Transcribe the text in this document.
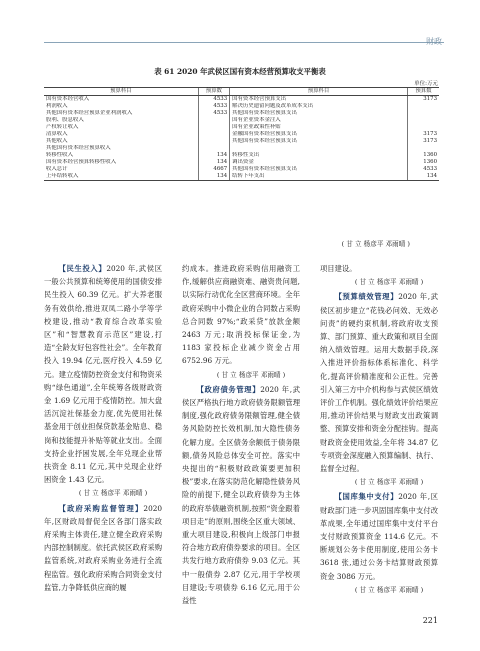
财政
表 61 2020 年武侯区国有资本经营预算收支平衡表
单位:万元
预算科目	预算数	预算科目	预算数
国有资本经营收入	4533	国有资本经营预算支出	3173
利润收入	4533	解决历史遗留问题及改革成本支出	
其他国有资本经营预算企业利润收入	4533	其他国有资本经营预算支出	
股利、股息收入		国有企业资本金注入	
产权转让收入		国有企业政策性补贴	
清算收入		金融国有资本经营预算支出	3173
其他收入		其他国有资本经营预算支出	3173
其他国有资本经营预算收入			
转移性收入	134	转移性支出	1360
国有资本经营预算转移性收入	134	调出资金	1360
收入总计	4667	其他国有资本经营预算支出	4533
上年结转收入	134	结转下年支出	134
( 甘 立 杨彦平 邓雨晴 )

【民生投入】2020 年,武侯区一般公共预算和统筹使用的国债安排民生投入 60.39 亿元。扩大养老服务有效供给,推进双凤二路小学等学校建设,推动“教育综合改革实验区”和“智慧教育示范区”建设,打造“全龄友好包容性社会”。全年教育投入 19.94 亿元,医疗投入 4.59 亿元。建立疫情防控资金支付和物资采购“绿色通道”,全年统筹各级财政资金 1.69 亿元用于疫情防控。加大盘活沉淀社保基金力度,优先使用社保基金用于创业担保贷款基金贴息、稳岗和技能提升补贴等就业支出。全面支持企业抒困发展,全年兑现企业帮扶资金 8.11 亿元,其中兑现企业纾困资金 1.43 亿元。

( 甘 立 杨彦平 邓雨晴 )

【政府采购监督管理】2020 年,区财政局督促全区各部门落实政府采购主体责任,建立健全政府采购内部控制制度。依托武侯区政府采购监管系统,对政府采购业务进行全流程监管。强化政府采购合同资金支付监管,力争降低供应商的履

约成本。推进政府采购信用融资工作,缓解供应商融资难、融资贵问题,以实际行动优化全区营商环境。全年政府采购中小微企业的合同数占采购总合同数 97%;“政采贷”放款金额 2463 万元;取消投标保证金,为 1183 家投标企业减少资金占用 6752.96 万元。

( 甘 立 杨彦平 邓雨晴 )

【政府债务管理】2020 年,武侯区严格执行地方政府债务限额管理制度,强化政府债务限额管理,健全债务风险防控长效机制,加大隐性债务化解力度。全区债务余额低于债务限额,债务风险总体安全可控。落实中央提出的“积极财政政策要更加积极”要求,在落实防范化解隐性债务风险的前提下,健全以政府债券为主体的政府举债融资机制,按照“资金跟着项目走”的原则,围绕全区重大领域、重大项目建设,积极向上级部门申报符合地方政府债券要求的项目。全区共发行地方政府债券 9.03 亿元。其中一般债券 2.87 亿元,用于学校项目建设;专项债券 6.16 亿元,用于公益性

项目建设。

( 甘 立 杨彦平 邓雨晴 )

【预算绩效管理】2020 年,武侯区初步建立“花钱必问效、无效必问责”的硬约束机制,将政府收支预算、部门预算、重大政策和项目全面纳入绩效管理。运用大数据手段,深入推进评价指标体系标准化、科学化,提高评价精准度和公正性。完善引入第三方中介机构参与武侯区绩效评价工作机制。强化绩效评价结果应用,推动评价结果与财政支出政策调整、预算安排和资金分配挂钩。提高财政资金使用效益,全年将 34.87 亿专项资金深度融入预算编制、执行、监督全过程。

( 甘 立 杨彦平 邓雨晴 )

【国库集中支付】2020 年,区财政部门进一步巩固国库集中支付改革成果,全年通过国库集中支付平台支付财政预算资金 114.6 亿元。不断规划公务卡使用制度,使用公务卡 3618 张,通过公务卡结算财政预算资金 3086 万元。

( 甘 立 杨彦平 邓雨晴 )
221
